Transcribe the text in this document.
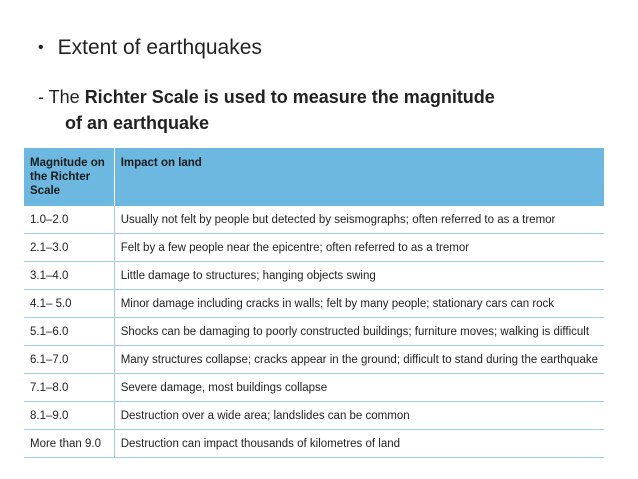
• Extent of earthquakes
- The Richter Scale is used to measure the magnitude
of an earthquake
Magnitude on the Richter Scale	Impact on land
1.0–2.0	Usually not felt by people but detected by seismographs; often referred to as a tremor
2.1–3.0	Felt by a few people near the epicentre; often referred to as a tremor
3.1–4.0	Little damage to structures; hanging objects swing
4.1– 5.0	Minor damage including cracks in walls; felt by many people; stationary cars can rock
5.1–6.0	Shocks can be damaging to poorly constructed buildings; furniture moves; walking is difficult
6.1–7.0	Many structures collapse; cracks appear in the ground; difficult to stand during the earthquake
7.1–8.0	Severe damage, most buildings collapse
8.1–9.0	Destruction over a wide area; landslides can be common
More than 9.0	Destruction can impact thousands of kilometres of land
